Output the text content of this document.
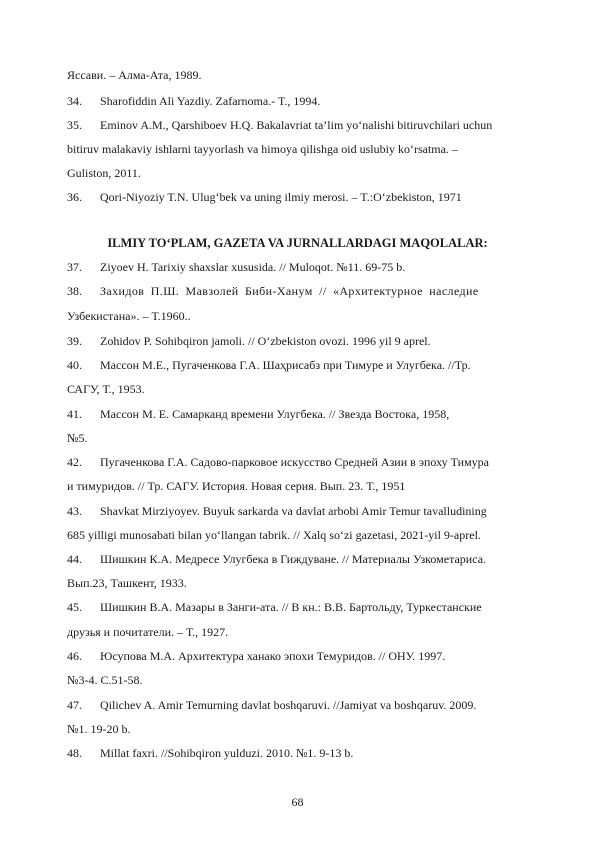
Яссави. – Алма-Ата, 1989.
34. Sharofiddin Ali Yazdiy. Zafarnoma.- T., 1994.
35. Eminov A.M., Qarshiboev H.Q. Bakalavriat ta’lim yo‘nalishi bitiruvchilari uchun
bitiruv malakaviy ishlarni tayyorlash va himoya qilishga oid uslubiy ko‘rsatma. –
Guliston, 2011.
36. Qori-Niyoziy T.N. Ulug‘bek va uning ilmiy merosi. – T.:O‘zbekiston, 1971
ILMIY TO‘PLAM, GAZETA VA JURNALLARDAGI MAQOLALAR:
37. Ziyoev H. Tarixiy shaxslar xususida. // Muloqot. №11. 69-75 b.
38. Захидов П.Ш. Мавзолей Биби-Ханум // «Архитектурное наследие
Узбекистана». – Т.1960..
39. Zohidov P. Sohibqiron jamoli. // O‘zbekiston ovozi. 1996 yil 9 aprel.
40. Массон М.Е., Пугаченкова Г.А. Шаҳрисабз при Тимуре и Улугбека. //Тр.
САГУ, Т., 1953.
41. Массон М. Е. Самарканд времени Улугбека. // Звезда Востока, 1958,
№5.
42. Пугаченкова Г.А. Садово-парковое искусство Средней Азии в эпоху Тимура
и тимуридов. // Тр. САГУ. История. Новая серия. Вып. 23. Т., 1951
43. Shavkat Mirziyoyev. Buyuk sarkarda va davlat arbobi Amir Temur tavalludining
685 yilligi munosabati bilan yo‘llangan tabrik. // Xalq so‘zi gazetasi, 2021-yil 9-aprel.
44. Шишкин К.А. Медресе Улугбека в Гиждуване. // Материалы Узкометариса.
Вып.23, Ташкент, 1933.
45. Шишкин В.А. Мазары в Занги-ата. // В кн.: В.В. Бартольду, Туркестанские
друзья и почитатели. – Т., 1927.
46. Юсупова М.А. Архитектура ханако эпохи Темуридов. // ОНУ. 1997.
№3-4. С.51-58.
47. Qilichev A. Amir Temurning davlat boshqaruvi. //Jamiyat va boshqaruv. 2009.
№1. 19-20 b.
48. Millat faxri. //Sohibqiron yulduzi. 2010. №1. 9-13 b.
68
